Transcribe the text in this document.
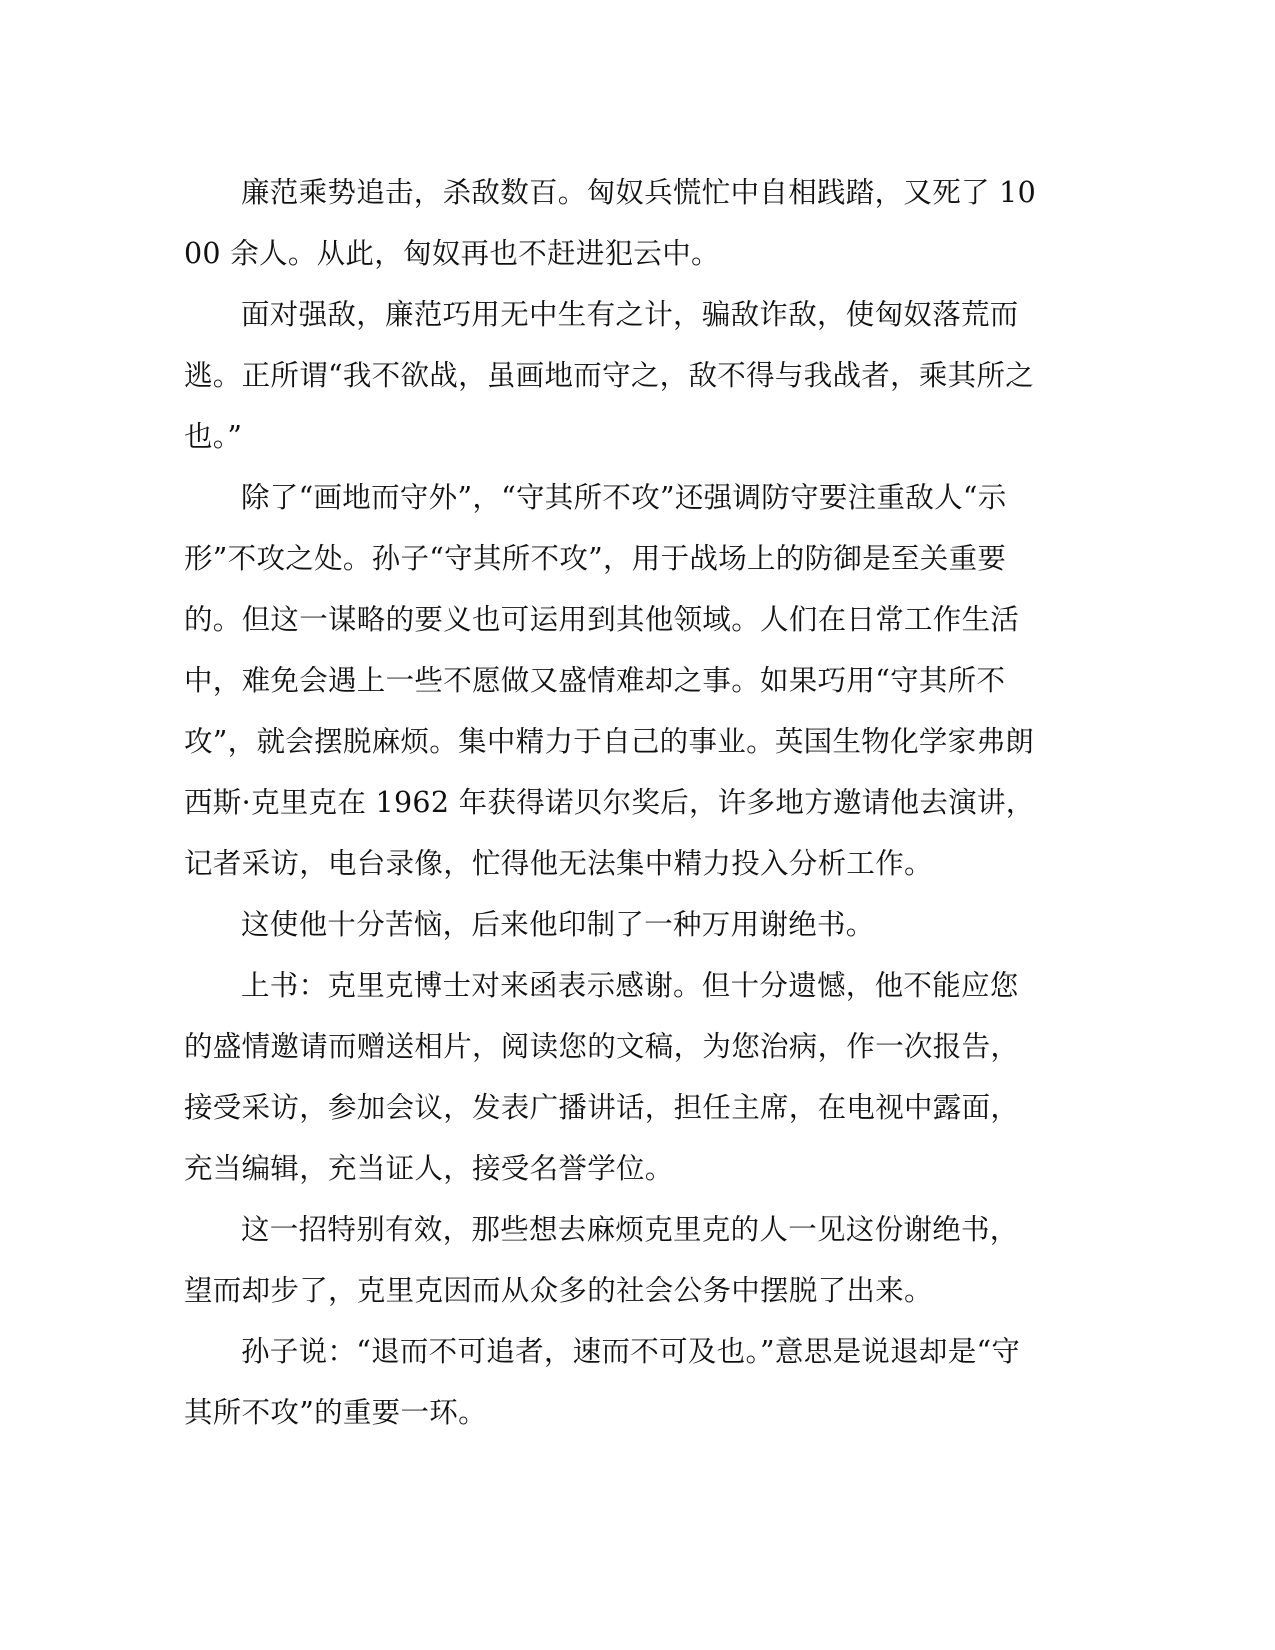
廉范乘势追击，杀敌数百。匈奴兵慌忙中自相践踏，又死了 1000 余人。从此，匈奴再也不赶进犯云中。

面对强敌，廉范巧用无中生有之计，骗敌诈敌，使匈奴落荒而逃。正所谓“我不欲战，虽画地而守之，敌不得与我战者，乘其所之也。”

除了“画地而守外”，“守其所不攻”还强调防守要注重敌人“示形”不攻之处。孙子“守其所不攻”，用于战场上的防御是至关重要的。但这一谋略的要义也可运用到其他领域。人们在日常工作生活中，难免会遇上一些不愿做又盛情难却之事。如果巧用“守其所不攻”，就会摆脱麻烦。集中精力于自己的事业。英国生物化学家弗朗西斯·克里克在 1962 年获得诺贝尔奖后，许多地方邀请他去演讲，记者采访，电台录像，忙得他无法集中精力投入分析工作。

这使他十分苦恼，后来他印制了一种万用谢绝书。

上书：克里克博士对来函表示感谢。但十分遗憾，他不能应您的盛情邀请而赠送相片，阅读您的文稿，为您治病，作一次报告，接受采访，参加会议，发表广播讲话，担任主席，在电视中露面，充当编辑，充当证人，接受名誉学位。

这一招特别有效，那些想去麻烦克里克的人一见这份谢绝书，望而却步了，克里克因而从众多的社会公务中摆脱了出来。

孙子说：“退而不可追者，速而不可及也。”意思是说退却是“守其所不攻”的重要一环。
